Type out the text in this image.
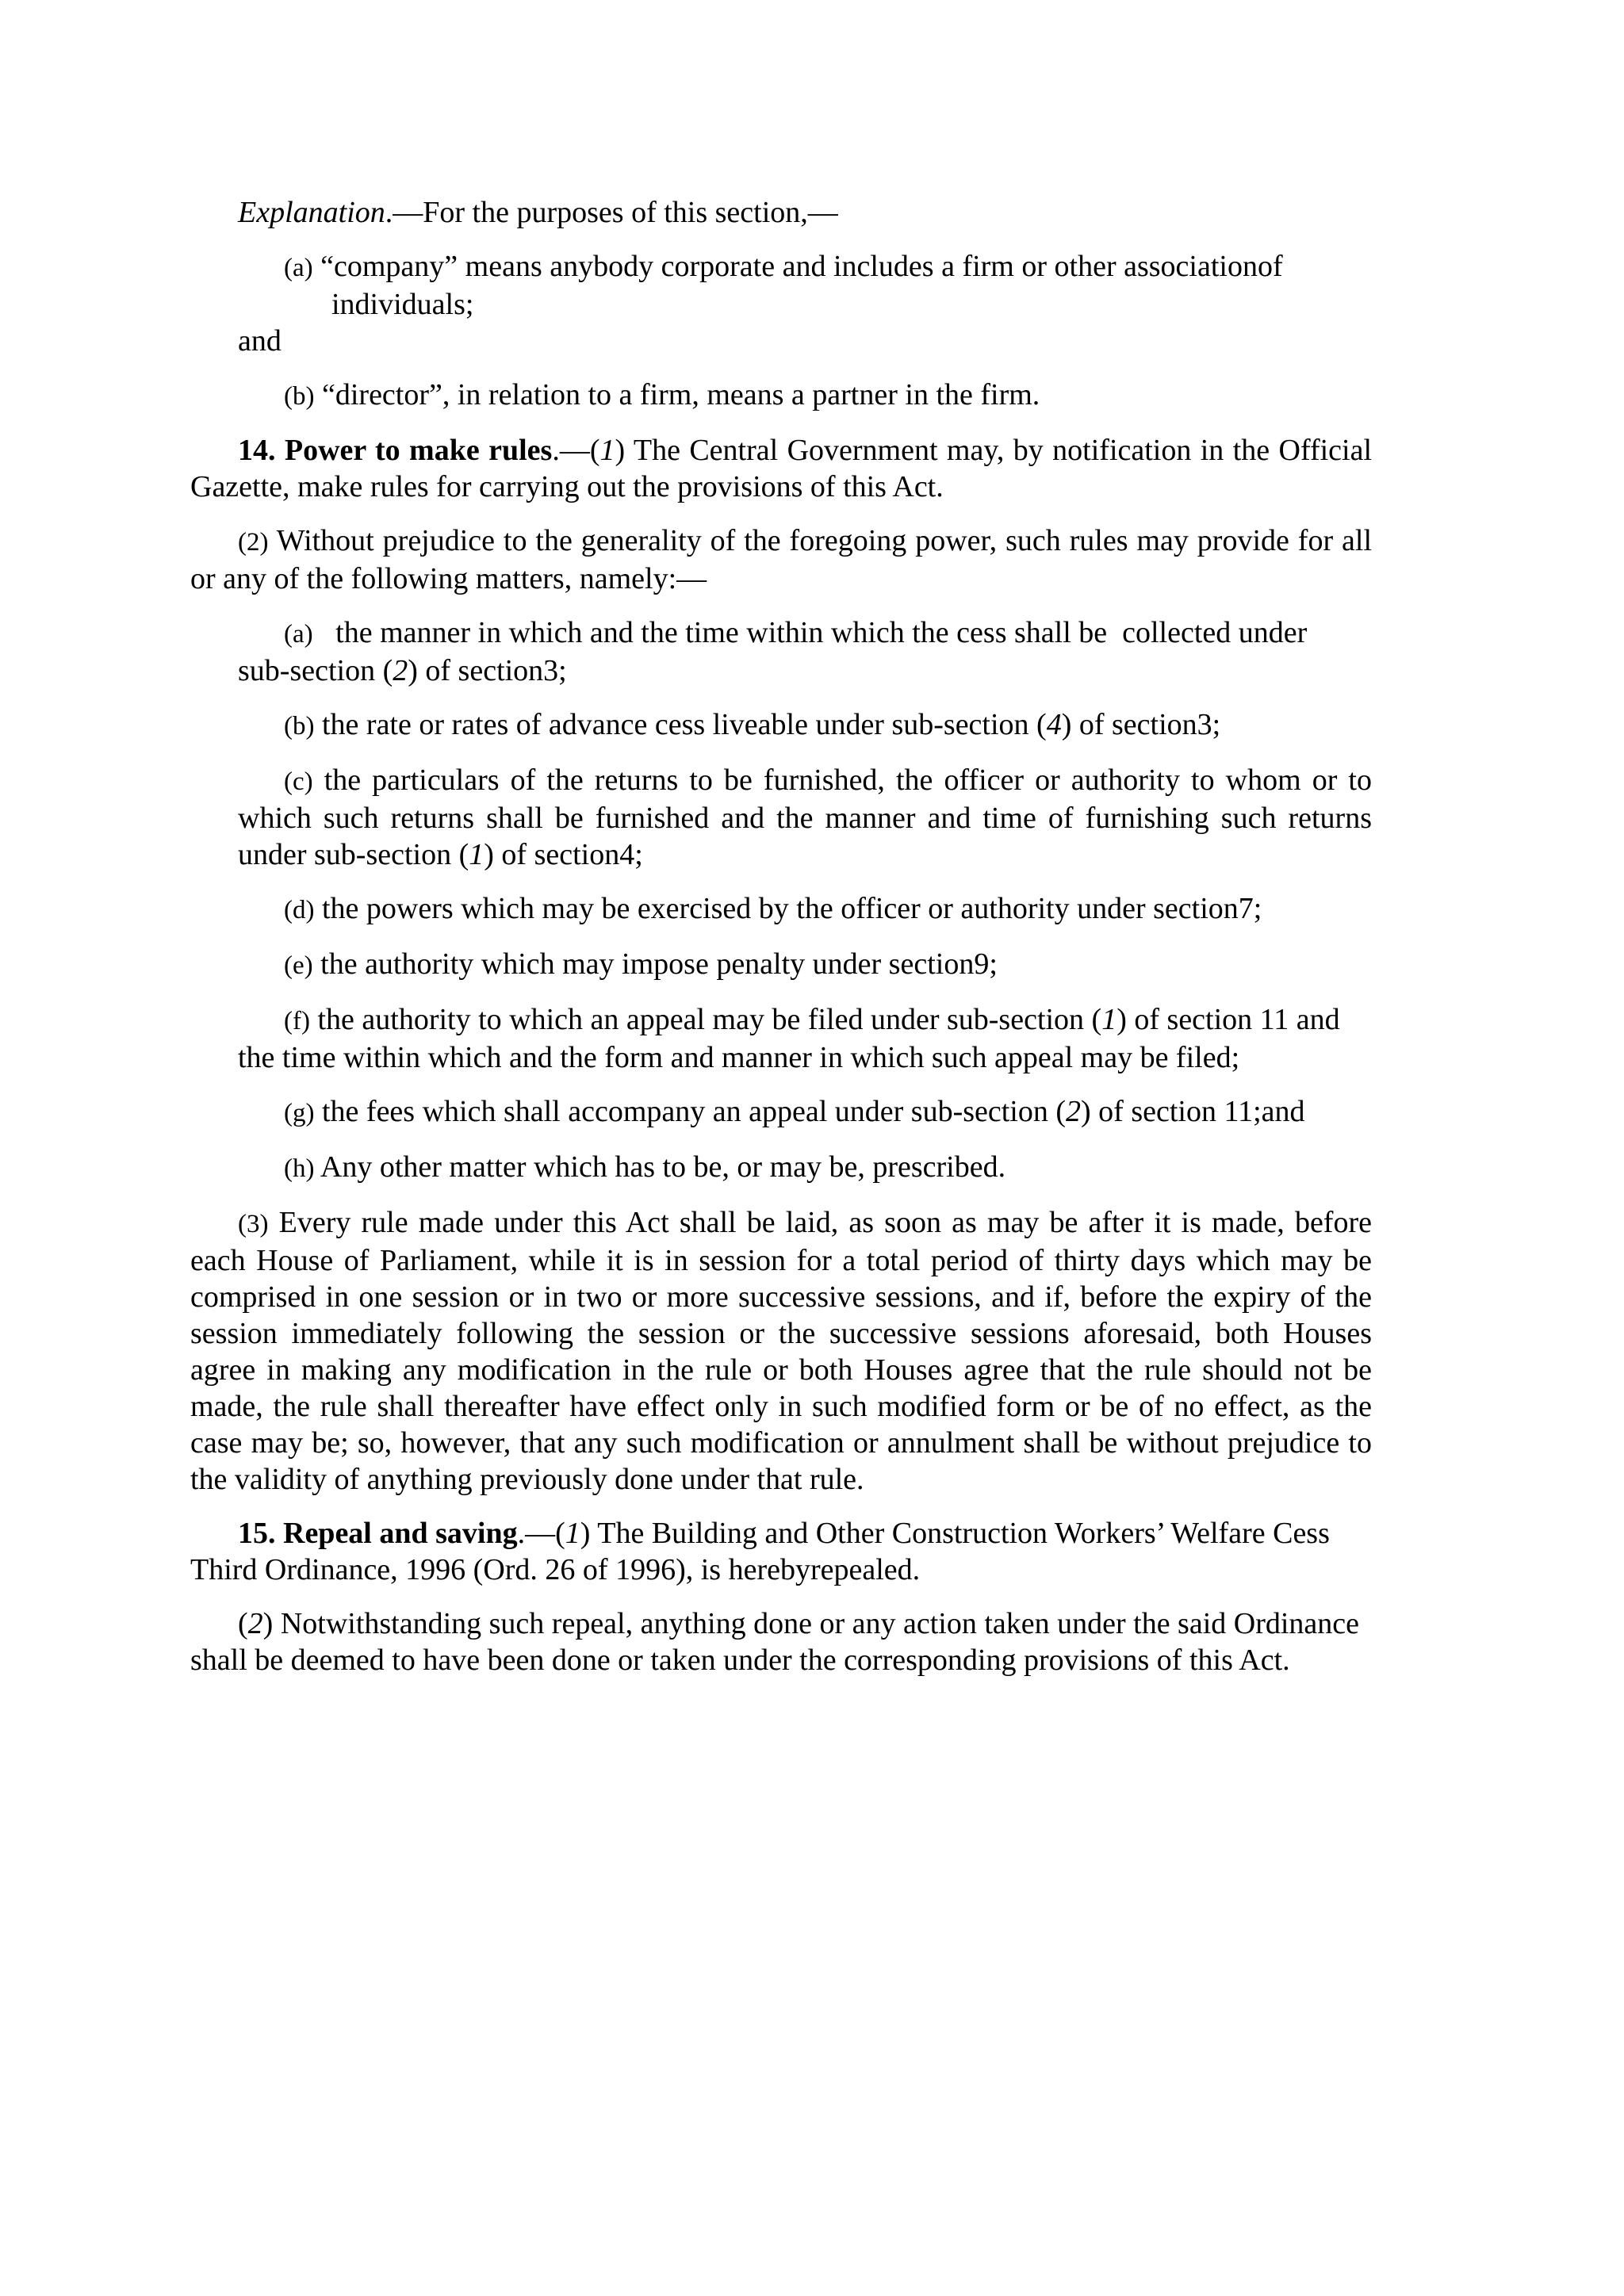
Explanation.—For the purposes of this section,—

(a) “company” means anybody corporate and includes a firm or other associationof individuals;

and

(b) “director”, in relation to a firm, means a partner in the firm.

14. Power to make rules.—(1) The Central Government may, by notification in the Official Gazette, make rules for carrying out the provisions of this Act.

(2) Without prejudice to the generality of the foregoing power, such rules may provide for all or any of the following matters, namely:—

(a)   the manner in which and the time within which the cess shall be  collected under  sub-section (2) of section3;

(b) the rate or rates of advance cess liveable under sub-section (4) of section3;

(c) the particulars of the returns to be furnished, the officer or authority to whom or to which such returns shall be furnished and the manner and time of furnishing such returns under sub-section (1) of section4;

(d) the powers which may be exercised by the officer or authority under section7;

(e) the authority which may impose penalty under section9;

(f) the authority to which an appeal may be filed under sub-section (1) of section 11 and the time within which and the form and manner in which such appeal may be filed;

(g) the fees which shall accompany an appeal under sub-section (2) of section 11;and

(h) Any other matter which has to be, or may be, prescribed.

(3) Every rule made under this Act shall be laid, as soon as may be after it is made, before each House of Parliament, while it is in session for a total period of thirty days which may be comprised in one session or in two or more successive sessions, and if, before the expiry of the session immediately following the session or the successive sessions aforesaid, both Houses agree in making any modification in the rule or both Houses agree that the rule should not be made, the rule shall thereafter have effect only in such modified form or be of no effect, as the case may be; so, however, that any such modification or annulment shall be without prejudice to the validity of anything previously done under that rule.

15. Repeal and saving.—(1) The Building and Other Construction Workers’ Welfare Cess Third Ordinance, 1996 (Ord. 26 of 1996), is herebyrepealed.

(2) Notwithstanding such repeal, anything done or any action taken under the said Ordinance shall be deemed to have been done or taken under the corresponding provisions of this Act.
